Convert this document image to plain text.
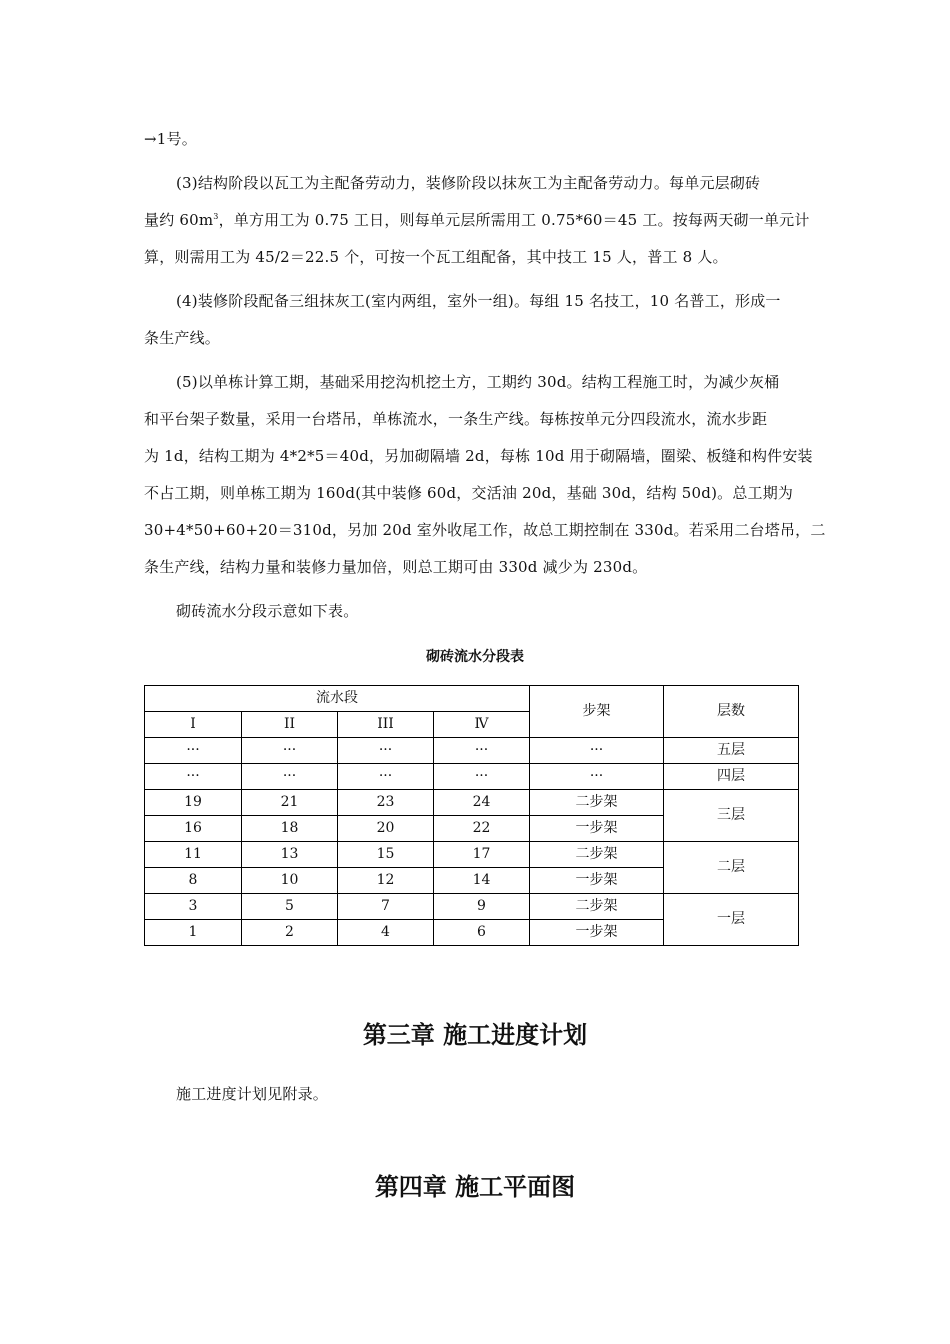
→1号。
(3)结构阶段以瓦工为主配备劳动力，装修阶段以抹灰工为主配备劳动力。每单元层砌砖
量约 $60m^3$，单方用工为 0.75 工日，则每单元层所需用工 0.75*60＝45 工。按每两天砌一单元计
算，则需用工为 45/2＝22.5 个，可按一个瓦工组配备，其中技工 15 人，普工 8 人。
(4)装修阶段配备三组抹灰工(室内两组，室外一组)。每组 15 名技工，10 名普工，形成一
条生产线。
(5)以单栋计算工期，基础采用挖沟机挖土方，工期约 30d。结构工程施工时，为减少灰桶
和平台架子数量，采用一台塔吊，单栋流水，一条生产线。每栋按单元分四段流水，流水步距
为 1d，结构工期为 4*2*5＝40d，另加砌隔墙 2d，每栋 10d 用于砌隔墙，圈梁、板缝和构件安装
不占工期，则单栋工期为 160d(其中装修 60d，交活油 20d，基础 30d，结构 50d)。总工期为
30+4*50+60+20＝310d，另加 20d 室外收尾工作，故总工期控制在 330d。若采用二台塔吊，二
条生产线，结构力量和装修力量加倍，则总工期可由 330d 减少为 230d。
砌砖流水分段示意如下表。
砌砖流水分段表
流水段				步架	层数
I	II	III	Ⅳ		
···	···	···	···	···	五层
···	···	···	···	···	四层
19	21	23	24	二步架	三层
16	18	20	22	一步架	
11	13	15	17	二步架	二层
8	10	12	14	一步架	
3	5	7	9	二步架	一层
1	2	4	6	一步架	
第三章 施工进度计划
施工进度计划见附录。
第四章 施工平面图
